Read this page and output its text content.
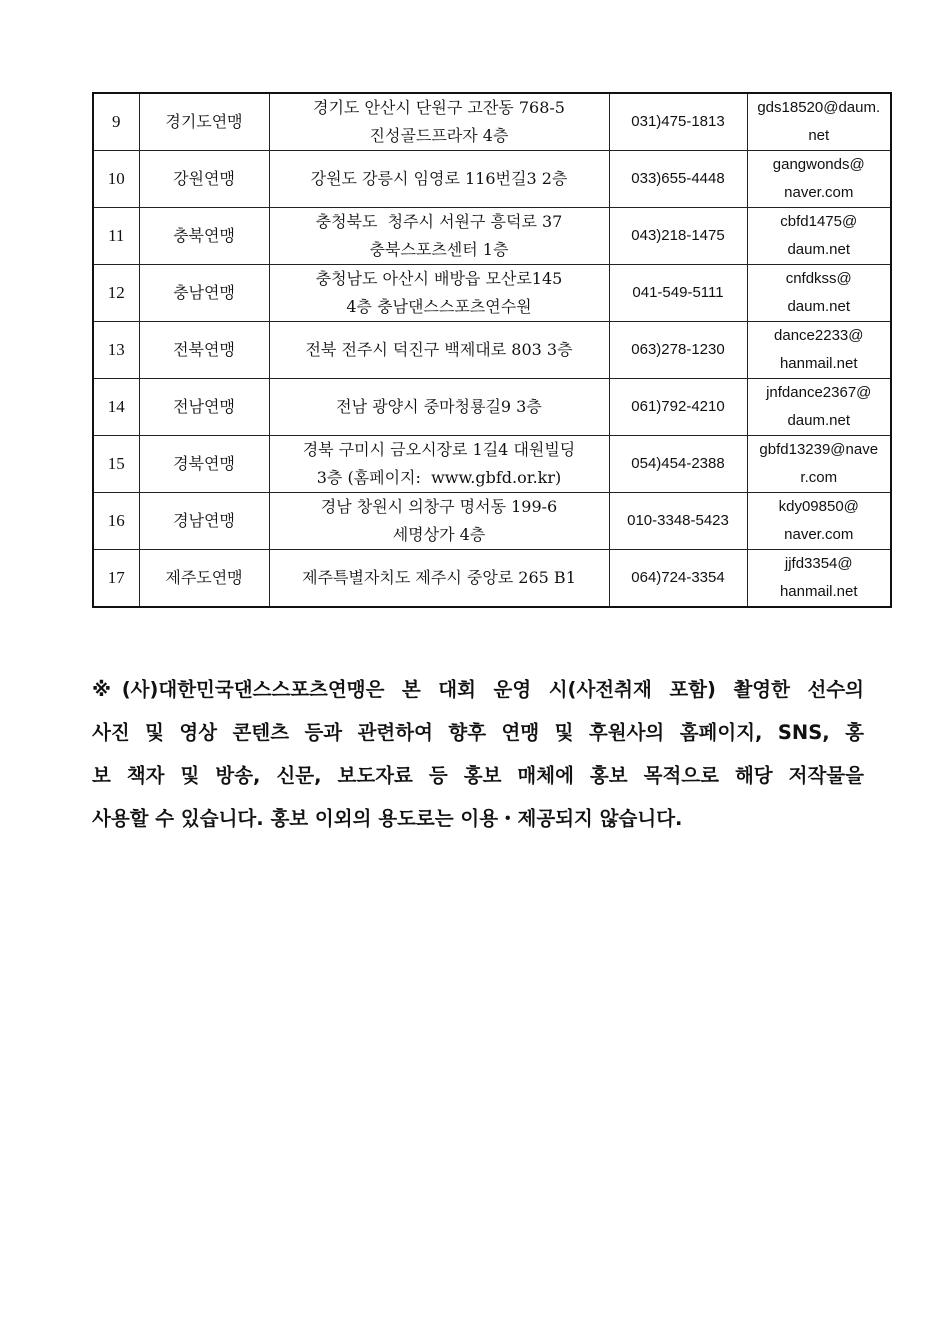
9	경기도연맹	경기도 안산시 단원구 고잔동 768-5
진성골드프라자 4층	031)475-1813	gds18520@daum.
net

10	강원연맹	강원도 강릉시 임영로 116번길3 2층	033)655-4448	gangwonds@
naver.com

11	충북연맹	충청북도  청주시 서원구 흥덕로 37
충북스포츠센터 1층	043)218-1475	cbfd1475@
daum.net

12	충남연맹	충청남도 아산시 배방읍 모산로145
4층 충남댄스스포츠연수원	041-549-5111	cnfdkss@
daum.net

13	전북연맹	전북 전주시 덕진구 백제대로 803 3층	063)278-1230	dance2233@
hanmail.net

14	전남연맹	전남 광양시 중마청룡길9 3층	061)792-4210	jnfdance2367@
daum.net

15	경북연맹	경북 구미시 금오시장로 1길4 대원빌딩
3층 (홈페이지:  www.gbfd.or.kr)	054)454-2388	gbfd13239@nave
r.com

16	경남연맹	경남 창원시 의창구 명서동 199-6
세명상가 4층	010-3348-5423	kdy09850@
naver.com

17	제주도연맹	제주특별자치도 제주시 중앙로 265 B1	064)724-3354	jjfd3354@
hanmail.net

※(사)대한민국댄스스포츠연맹은 본 대회 운영 시(사전취재 포함) 촬영한 선수의
사진 및 영상 콘텐츠 등과 관련하여 향후 연맹 및 후원사의 홈페이지, SNS, 홍
보 책자 및 방송, 신문, 보도자료 등 홍보 매체에 홍보 목적으로 해당 저작물을
사용할 수 있습니다. 홍보 이외의 용도로는 이용・제공되지 않습니다.
